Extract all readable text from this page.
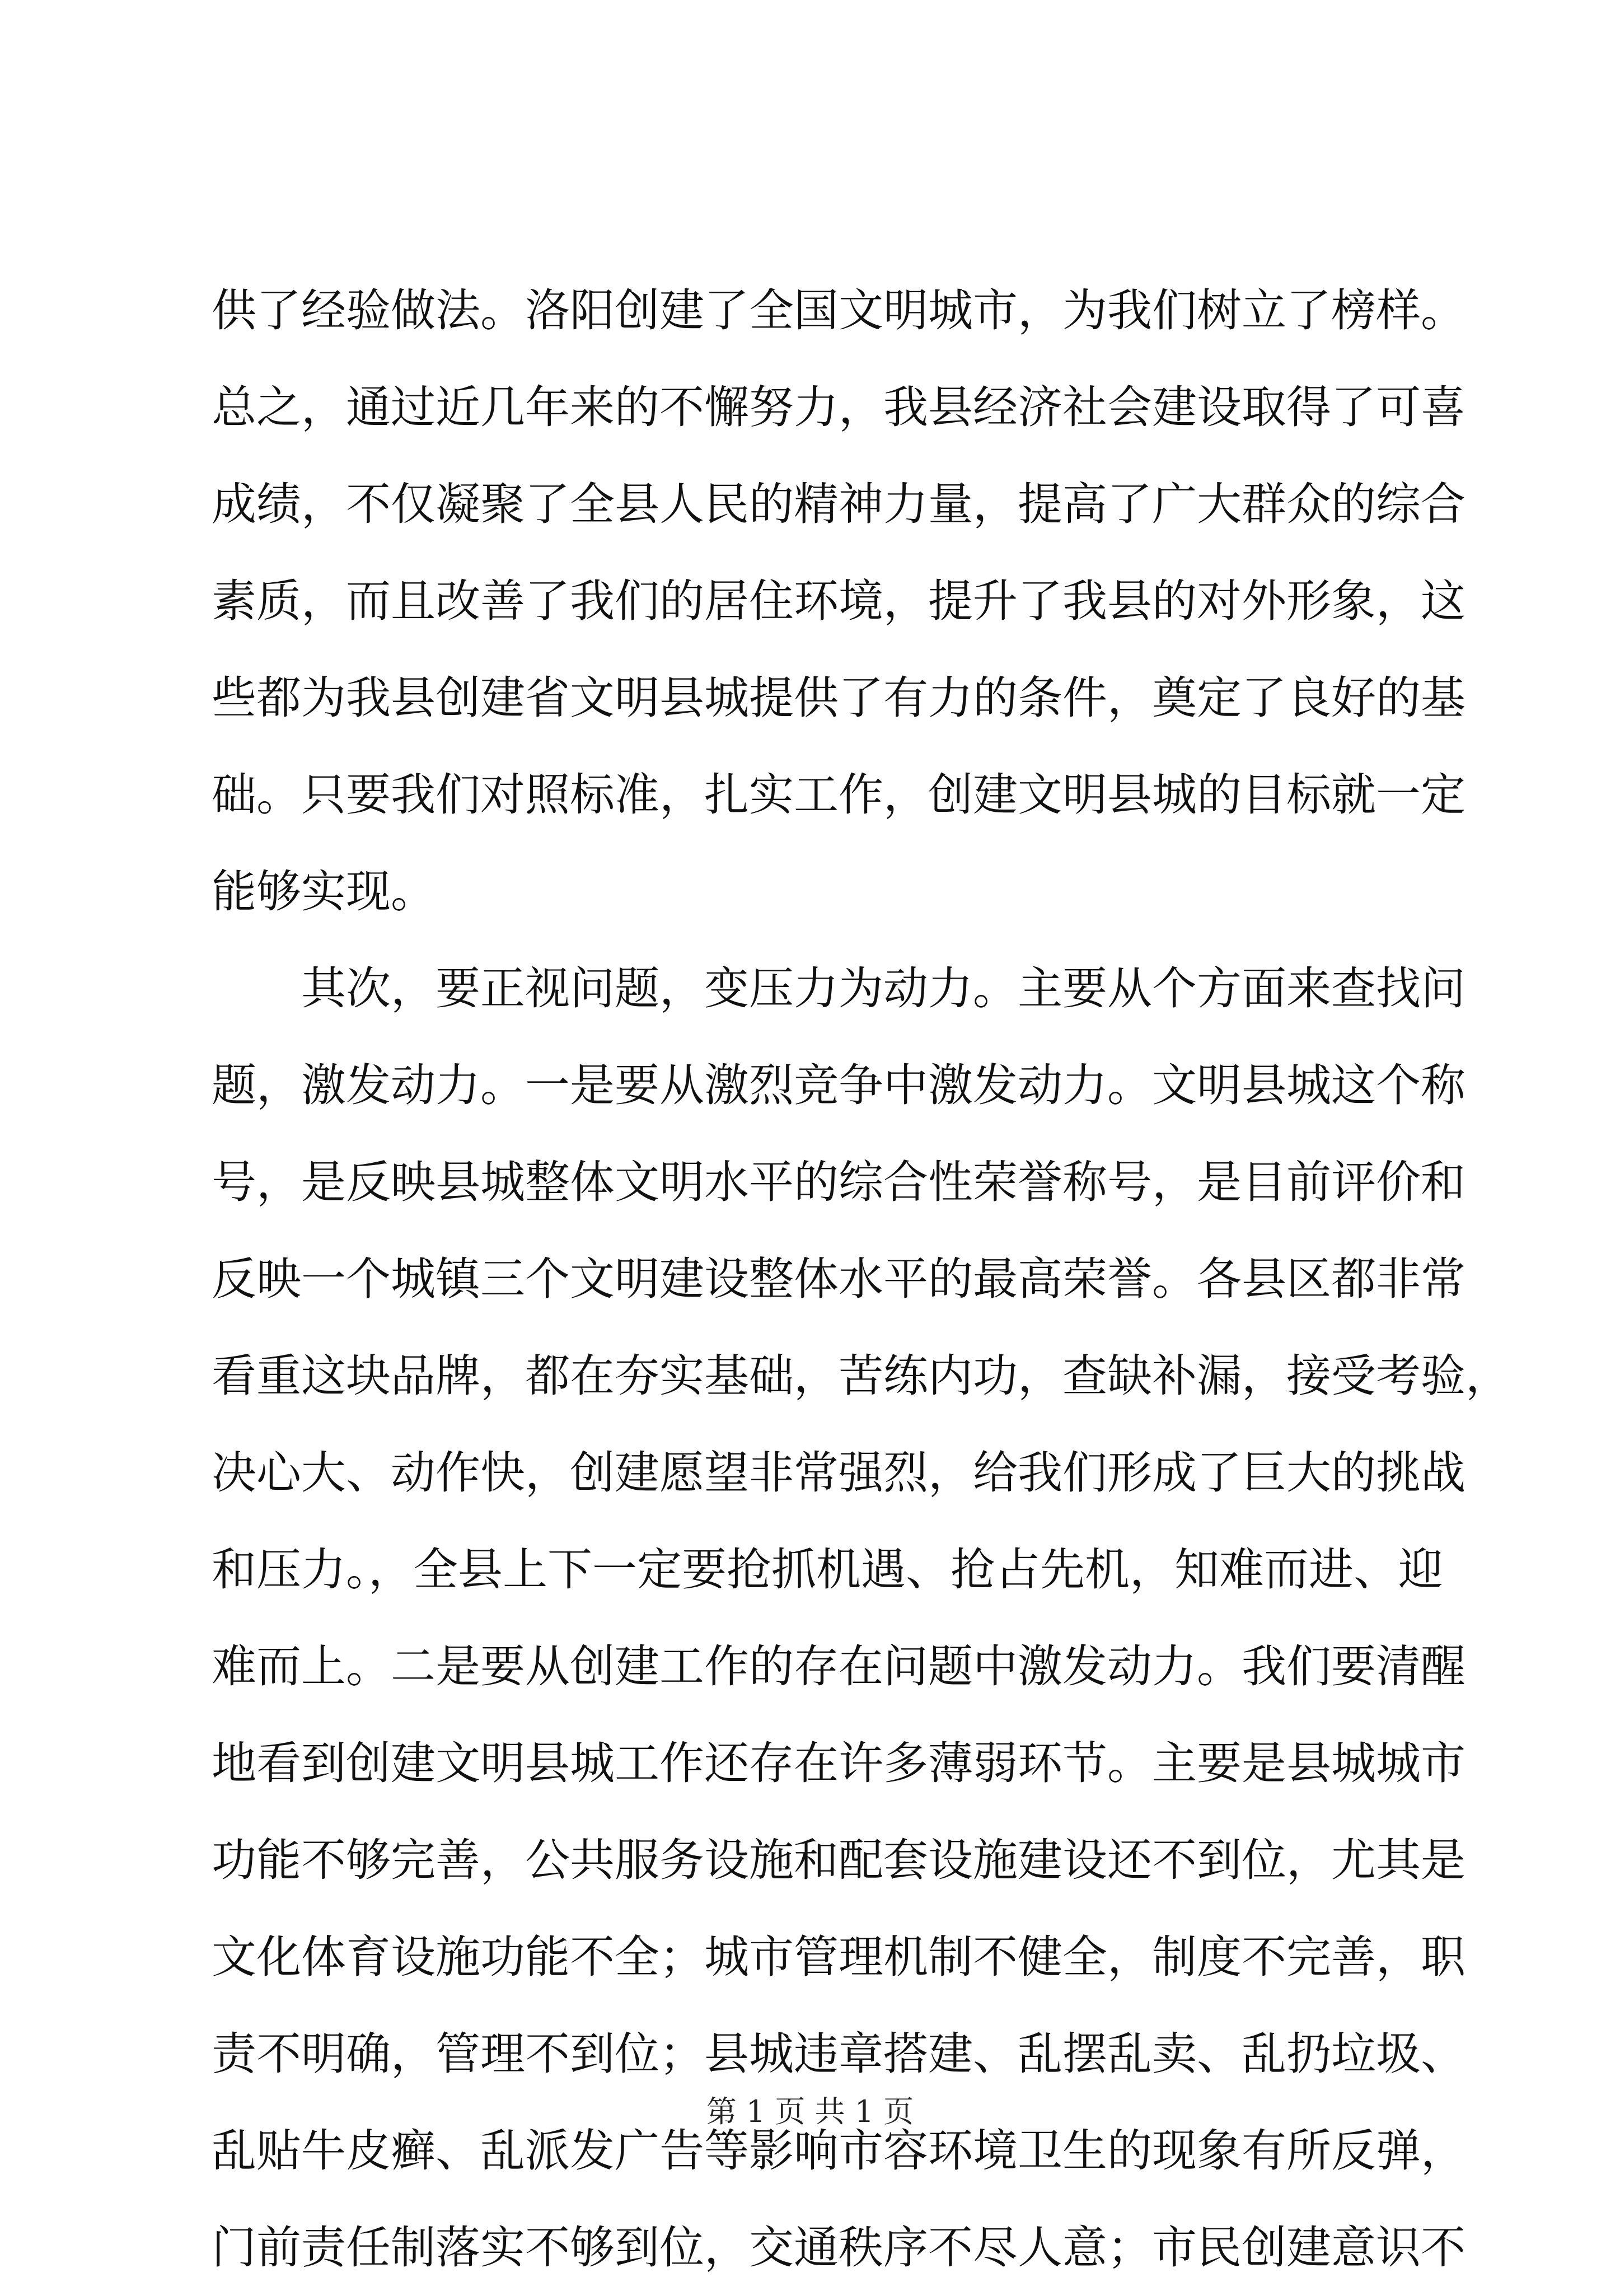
供了经验做法。洛阳创建了全国文明城市，为我们树立了榜样。
总之，通过近几年来的不懈努力，我县经济社会建设取得了可喜
成绩，不仅凝聚了全县人民的精神力量，提高了广大群众的综合
素质，而且改善了我们的居住环境，提升了我县的对外形象，这
些都为我县创建省文明县城提供了有力的条件，奠定了良好的基
础。只要我们对照标准，扎实工作，创建文明县城的目标就一定
能够实现。
其次，要正视问题，变压力为动力。主要从个方面来查找问
题，激发动力。一是要从激烈竞争中激发动力。文明县城这个称
号，是反映县城整体文明水平的综合性荣誉称号，是目前评价和
反映一个城镇三个文明建设整体水平的最高荣誉。各县区都非常
看重这块品牌，都在夯实基础，苦练内功，查缺补漏，接受考验，
决心大、动作快，创建愿望非常强烈，给我们形成了巨大的挑战
和压力。，全县上下一定要抢抓机遇、抢占先机，知难而进、迎
难而上。二是要从创建工作的存在问题中激发动力。我们要清醒
地看到创建文明县城工作还存在许多薄弱环节。主要是县城城市
功能不够完善，公共服务设施和配套设施建设还不到位，尤其是
文化体育设施功能不全；城市管理机制不健全，制度不完善，职
责不明确，管理不到位；县城违章搭建、乱摆乱卖、乱扔垃圾、
乱贴牛皮癣、乱派发广告等影响市容环境卫生的现象有所反弹，
门前责任制落实不够到位，交通秩序不尽人意；市民创建意识不
第 1 页 共 1 页
